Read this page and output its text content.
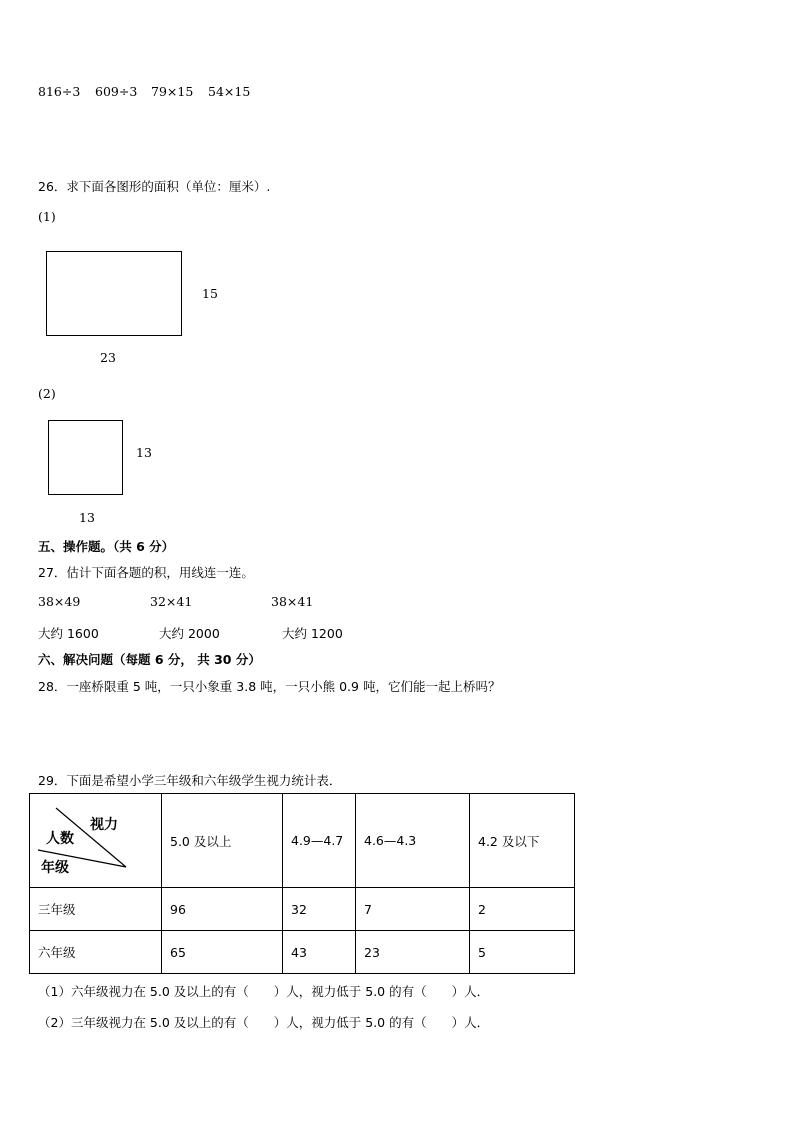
816÷3 609÷3 79×15 54×15
26．求下面各图形的面积（单位：厘米）.
(1)
15
23
(2)
13
13
五、操作题。（共 6 分）
27．估计下面各题的积，用线连一连。
38×49	32×41	38×41
大约 1600	大约 2000	大约 1200
六、解决问题（每题 6 分， 共 30 分）
28．一座桥限重 5 吨，一只小象重 3.8 吨，一只小熊 0.9 吨，它们能一起上桥吗？
29．下面是希望小学三年级和六年级学生视力统计表．
视力
人数
年级	5.0 及以上	4.9—4.7	4.6—4.3	4.2 及以下
三年级	96	32	7	2
六年级	65	43	23	5
（1）六年级视力在 5.0 及以上的有（　　）人，视力低于 5.0 的有（　　）人．
（2）三年级视力在 5.0 及以上的有（　　）人，视力低于 5.0 的有（　　）人．
